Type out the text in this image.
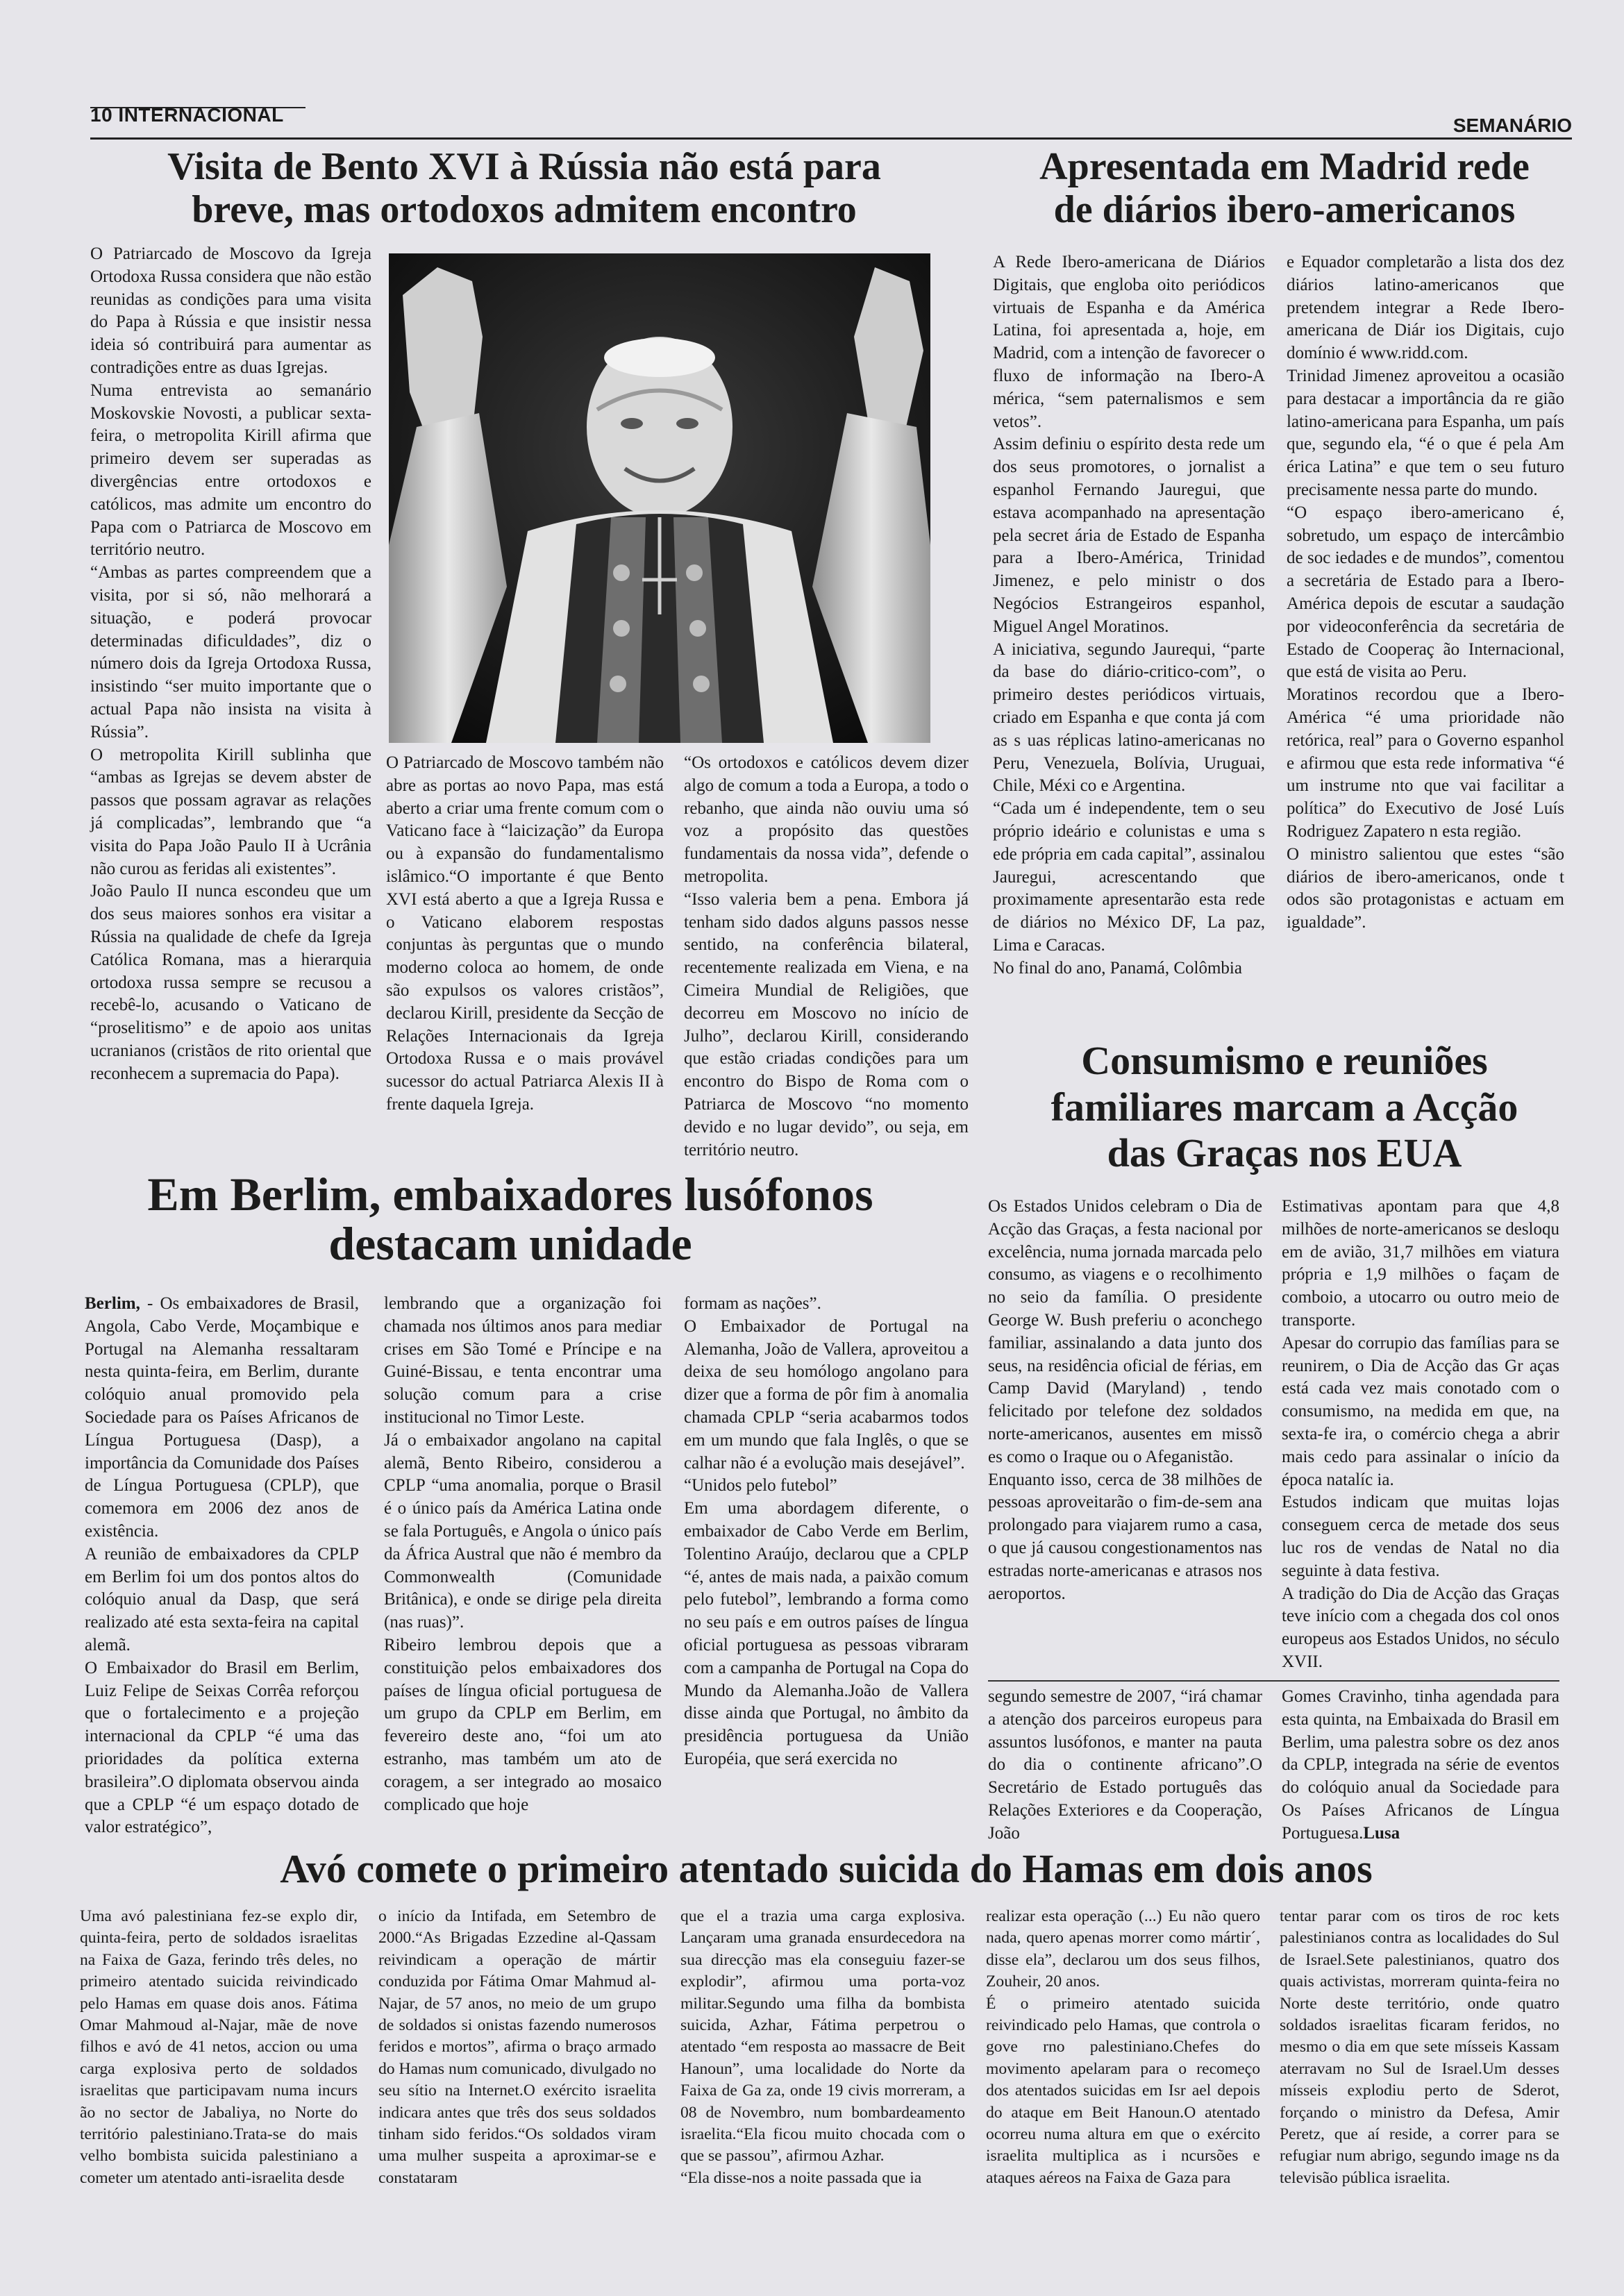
10 INTERNACIONAL	SEMANÁRIO
Visita de Bento XVI à Rússia não está para
breve, mas ortodoxos admitem encontro

O Patriarcado de Moscovo da Igreja Ortodoxa Russa considera que não estão reunidas as condições para uma visita do Papa à Rússia e que insistir nessa ideia só contribuirá para aumentar as contradições entre as duas Igrejas.

Numa entrevista ao semanário Moskovskie Novosti, a publicar sexta-feira, o metropolita Kirill afirma que primeiro devem ser superadas as divergências entre ortodoxos e católicos, mas admite um encontro do Papa com o Patriarca de Moscovo em território neutro.

“Ambas as partes compreendem que a visita, por si só, não melhorará a situação, e poderá provocar determinadas dificuldades”, diz o número dois da Igreja Ortodoxa Russa, insistindo “ser muito importante que o actual Papa não insista na visita à Rússia”.

O metropolita Kirill sublinha que “ambas as Igrejas se devem abster de passos que possam agravar as relações já complicadas”, lembrando que “a visita do Papa João Paulo II à Ucrânia não curou as feridas ali existentes”.

João Paulo II nunca escondeu que um dos seus maiores sonhos era visitar a Rússia na qualidade de chefe da Igreja Católica Romana, mas a hierarquia ortodoxa russa sempre se recusou a recebê-lo, acusando o Vaticano de “proselitismo” e de apoio aos unitas ucranianos (cristãos de rito oriental que reconhecem a supremacia do Papa).

O Patriarcado de Moscovo também não abre as portas ao novo Papa, mas está aberto a criar uma frente comum com o Vaticano face à “laicização” da Europa ou à expansão do fundamentalismo islâmico.“O importante é que Bento XVI está aberto a que a Igreja Russa e o Vaticano elaborem respostas conjuntas às perguntas que o mundo moderno coloca ao homem, de onde são expulsos os valores cristãos”, declarou Kirill, presidente da Secção de Relações Internacionais da Igreja Ortodoxa Russa e o mais provável sucessor do actual Patriarca Alexis II à frente daquela Igreja.

“Os ortodoxos e católicos devem dizer algo de comum a toda a Europa, a todo o rebanho, que ainda não ouviu uma só voz a propósito das questões fundamentais da nossa vida”, defende o metropolita.

“Isso valeria bem a pena. Embora já tenham sido dados alguns passos nesse sentido, na conferência bilateral, recentemente realizada em Viena, e na Cimeira Mundial de Religiões, que decorreu em Moscovo no início de Julho”, declarou Kirill, considerando que estão criadas condições para um encontro do Bispo de Roma com o Patriarca de Moscovo “no momento devido e no lugar devido”, ou seja, em território neutro.

Apresentada em Madrid rede
de diários ibero-americanos

A Rede Ibero-americana de Diários Digitais, que engloba oito periódicos virtuais de Espanha e da América Latina, foi apresentada a, hoje, em Madrid, com a intenção de favorecer o fluxo de informação na Ibero-A mérica, “sem paternalismos e sem vetos”.

Assim definiu o espírito desta rede um dos seus promotores, o jornalist a espanhol Fernando Jauregui, que estava acompanhado na apresentação pela secret ária de Estado de Espanha para a Ibero-América, Trinidad Jimenez, e pelo ministr o dos Negócios Estrangeiros espanhol, Miguel Angel Moratinos.

A iniciativa, segundo Jaurequi, “parte da base do diário-critico-com”, o primeiro destes periódicos virtuais, criado em Espanha e que conta já com as s uas réplicas latino-americanas no Peru, Venezuela, Bolívia, Uruguai, Chile, Méxi co e Argentina.

“Cada um é independente, tem o seu próprio ideário e colunistas e uma s ede própria em cada capital”, assinalou Jauregui, acrescentando que proximamente apresentarão esta rede de diários no México DF, La paz, Lima e Caracas.

No final do ano, Panamá, Colômbia

e Equador completarão a lista dos dez diários latino-americanos que pretendem integrar a Rede Ibero-americana de Diár ios Digitais, cujo domínio é www.ridd.com.

Trinidad Jimenez aproveitou a ocasião para destacar a importância da re gião latino-americana para Espanha, um país que, segundo ela, “é o que é pela Am érica Latina” e que tem o seu futuro precisamente nessa parte do mundo.

“O espaço ibero-americano é, sobretudo, um espaço de intercâmbio de soc iedades e de mundos”, comentou a secretária de Estado para a Ibero-América depois de escutar a saudação por videoconferência da secretária de Estado de Cooperaç ão Internacional, que está de visita ao Peru.

Moratinos recordou que a Ibero-América “é uma prioridade não retórica, real” para o Governo espanhol e afirmou que esta rede informativa “é um instrume nto que vai facilitar a política” do Executivo de José Luís Rodriguez Zapatero n esta região.

O ministro salientou que estes “são diários de ibero-americanos, onde t odos são protagonistas e actuam em igualdade”.

Em Berlim, embaixadores lusófonos
destacam unidade

Berlim, - Os embaixadores de Brasil, Angola, Cabo Verde, Moçambique e Portugal na Alemanha ressaltaram nesta quinta-feira, em Berlim, durante colóquio anual promovido pela Sociedade para os Países Africanos de Língua Portuguesa (Dasp), a importância da Comunidade dos Países de Língua Portuguesa (CPLP), que comemora em 2006 dez anos de existência.

A reunião de embaixadores da CPLP em Berlim foi um dos pontos altos do colóquio anual da Dasp, que será realizado até esta sexta-feira na capital alemã.

O Embaixador do Brasil em Berlim, Luiz Felipe de Seixas Corrêa reforçou que o fortalecimento e a projeção internacional da CPLP “é uma das prioridades da política externa brasileira”.O diplomata observou ainda que a CPLP “é um espaço dotado de valor estratégico”,

lembrando que a organização foi chamada nos últimos anos para mediar crises em São Tomé e Príncipe e na Guiné-Bissau, e tenta encontrar uma solução comum para a crise institucional no Timor Leste.

Já o embaixador angolano na capital alemã, Bento Ribeiro, considerou a CPLP “uma anomalia, porque o Brasil é o único país da América Latina onde se fala Português, e Angola o único país da África Austral que não é membro da Commonwealth (Comunidade Britânica), e onde se dirige pela direita (nas ruas)”.

Ribeiro lembrou depois que a constituição pelos embaixadores dos países de língua oficial portuguesa de um grupo da CPLP em Berlim, em fevereiro deste ano, “foi um ato estranho, mas também um ato de coragem, a ser integrado ao mosaico complicado que hoje

formam as nações”.

O Embaixador de Portugal na Alemanha, João de Vallera, aproveitou a deixa de seu homólogo angolano para dizer que a forma de pôr fim à anomalia chamada CPLP “seria acabarmos todos em um mundo que fala Inglês, o que se calhar não é a evolução mais desejável”.

“Unidos pelo futebol”

Em uma abordagem diferente, o embaixador de Cabo Verde em Berlim, Tolentino Araújo, declarou que a CPLP “é, antes de mais nada, a paixão comum pelo futebol”, lembrando a forma como no seu país e em outros países de língua oficial portuguesa as pessoas vibraram com a campanha de Portugal na Copa do Mundo da Alemanha.João de Vallera disse ainda que Portugal, no âmbito da presidência portuguesa da União Européia, que será exercida no

segundo semestre de 2007, “irá chamar a atenção dos parceiros europeus para assuntos lusófonos, e manter na pauta do dia o continente africano”.O Secretário de Estado português das Relações Exteriores e da Cooperação, João

Gomes Cravinho, tinha agendada para esta quinta, na Embaixada do Brasil em Berlim, uma palestra sobre os dez anos da CPLP, integrada na série de eventos do colóquio anual da Sociedade para Os Países Africanos de Língua Portuguesa.Lusa

Consumismo e reuniões
familiares marcam a Acção
das Graças nos EUA

Os Estados Unidos celebram o Dia de Acção das Graças, a festa nacional por excelência, numa jornada marcada pelo consumo, as viagens e o recolhimento no seio da família. O presidente George W. Bush preferiu o aconchego familiar, assinalando a data junto dos seus, na residência oficial de férias, em Camp David (Maryland) , tendo felicitado por telefone dez soldados norte-americanos, ausentes em missõ es como o Iraque ou o Afeganistão.

Enquanto isso, cerca de 38 milhões de pessoas aproveitarão o fim-de-sem ana prolongado para viajarem rumo a casa, o que já causou congestionamentos nas estradas norte-americanas e atrasos nos aeroportos.

Estimativas apontam para que 4,8 milhões de norte-americanos se desloqu em de avião, 31,7 milhões em viatura própria e 1,9 milhões o façam de comboio, a utocarro ou outro meio de transporte.

Apesar do corrupio das famílias para se reunirem, o Dia de Acção das Gr aças está cada vez mais conotado com o consumismo, na medida em que, na sexta-fe ira, o comércio chega a abrir mais cedo para assinalar o início da época natalíc ia.

Estudos indicam que muitas lojas conseguem cerca de metade dos seus luc ros de vendas de Natal no dia seguinte à data festiva.

A tradição do Dia de Acção das Graças teve início com a chegada dos col onos europeus aos Estados Unidos, no século XVII.

Avó comete o primeiro atentado suicida do Hamas em dois anos

Uma avó palestiniana fez-se explo dir, quinta-feira, perto de soldados israelitas na Faixa de Gaza, ferindo três deles, no primeiro atentado suicida reivindicado pelo Hamas em quase dois anos. Fátima Omar Mahmoud al-Najar, mãe de nove filhos e avó de 41 netos, accion ou uma carga explosiva perto de soldados israelitas que participavam numa incurs ão no sector de Jabaliya, no Norte do território palestiniano.Trata-se do mais velho bombista suicida palestiniano a cometer um atentado anti-israelita desde

o início da Intifada, em Setembro de 2000.“As Brigadas Ezzedine al-Qassam reivindicam a operação de mártir conduzida por Fátima Omar Mahmud al-Najar, de 57 anos, no meio de um grupo de soldados si onistas fazendo numerosos feridos e mortos”, afirma o braço armado do Hamas num comunicado, divulgado no seu sítio na Internet.O exército israelita indicara antes que três dos seus soldados tinham sido feridos.“Os soldados viram uma mulher suspeita a aproximar-se e constataram

que el a trazia uma carga explosiva. Lançaram uma granada ensurdecedora na sua direcção mas ela conseguiu fazer-se explodir”, afirmou uma porta-voz militar.Segundo uma filha da bombista suicida, Azhar, Fátima perpetrou o atentado “em resposta ao massacre de Beit Hanoun”, uma localidade do Norte da Faixa de Ga za, onde 19 civis morreram, a 08 de Novembro, num bombardeamento israelita.“Ela ficou muito chocada com o que se passou”, afirmou Azhar.

“Ela disse-nos a noite passada que ia

realizar esta operação (...) Eu não quero nada, quero apenas morrer como mártir´, disse ela”, declarou um dos seus filhos, Zouheir, 20 anos.

É o primeiro atentado suicida reivindicado pelo Hamas, que controla o gove rno palestiniano.Chefes do movimento apelaram para o recomeço dos atentados suicidas em Isr ael depois do ataque em Beit Hanoun.O atentado ocorreu numa altura em que o exército israelita multiplica as i ncursões e ataques aéreos na Faixa de Gaza para

tentar parar com os tiros de roc kets palestinianos contra as localidades do Sul de Israel.Sete palestinianos, quatro dos quais activistas, morreram quinta-feira no Norte deste território, onde quatro soldados israelitas ficaram feridos, no mesmo o dia em que sete mísseis Kassam aterravam no Sul de Israel.Um desses mísseis explodiu perto de Sderot, forçando o ministro da Defesa, Amir Peretz, que aí reside, a correr para se refugiar num abrigo, segundo image ns da televisão pública israelita.
